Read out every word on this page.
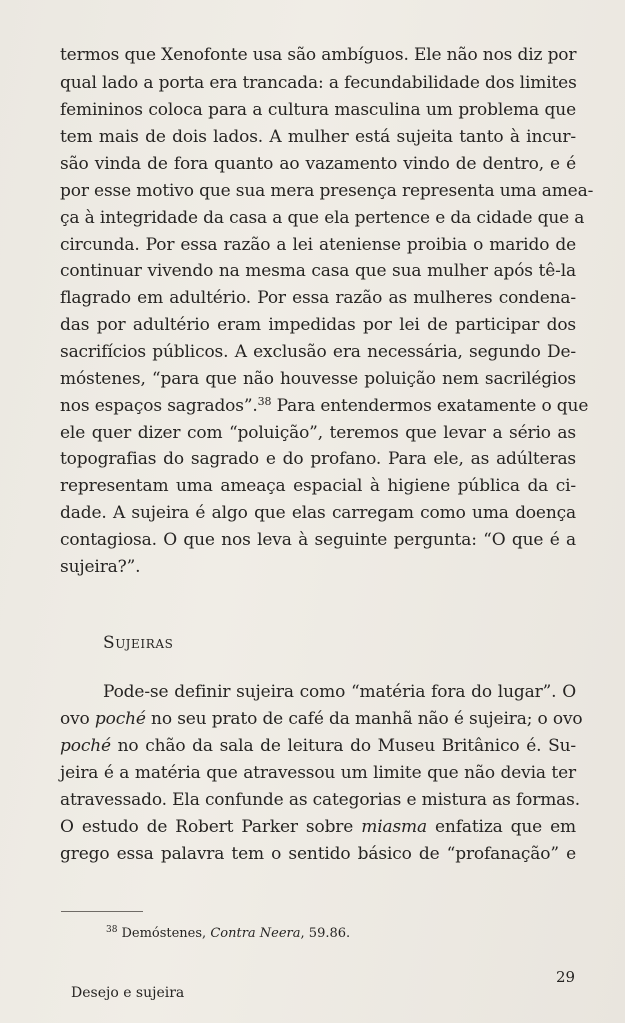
termos que Xenofonte usa são ambíguos. Ele não nos diz por
qual lado a porta era trancada: a fecundabilidade dos limites
femininos coloca para a cultura masculina um problema que
tem mais de dois lados. A mulher está sujeita tanto à incur-
são vinda de fora quanto ao vazamento vindo de dentro, e é
por esse motivo que sua mera presença representa uma amea-
ça à integridade da casa a que ela pertence e da cidade que a
circunda. Por essa razão a lei ateniense proibia o marido de
continuar vivendo na mesma casa que sua mulher após tê-la
flagrado em adultério. Por essa razão as mulheres condena-
das por adultério eram impedidas por lei de participar dos
sacrifícios públicos. A exclusão era necessária, segundo De-
móstenes, “para que não houvesse poluição nem sacrilégios
nos espaços sagrados”.$^{38}$ Para entendermos exatamente o que
ele quer dizer com “poluição”, teremos que levar a sério as
topografias do sagrado e do profano. Para ele, as adúlteras
representam uma ameaça espacial à higiene pública da ci-
dade. A sujeira é algo que elas carregam como uma doença
contagiosa. O que nos leva à seguinte pergunta: “O que é a
sujeira?”.
Sujeiras
Pode-se definir sujeira como “matéria fora do lugar”. O
ovo poché no seu prato de café da manhã não é sujeira; o ovo
poché no chão da sala de leitura do Museu Britânico é. Su-
jeira é a matéria que atravessou um limite que não devia ter
atravessado. Ela confunde as categorias e mistura as formas.
O estudo de Robert Parker sobre miasma enfatiza que em
grego essa palavra tem o sentido básico de “profanação” e
$^{38}$ Demóstenes, Contra Neera, 59.86.
Desejo e sujeira
29
